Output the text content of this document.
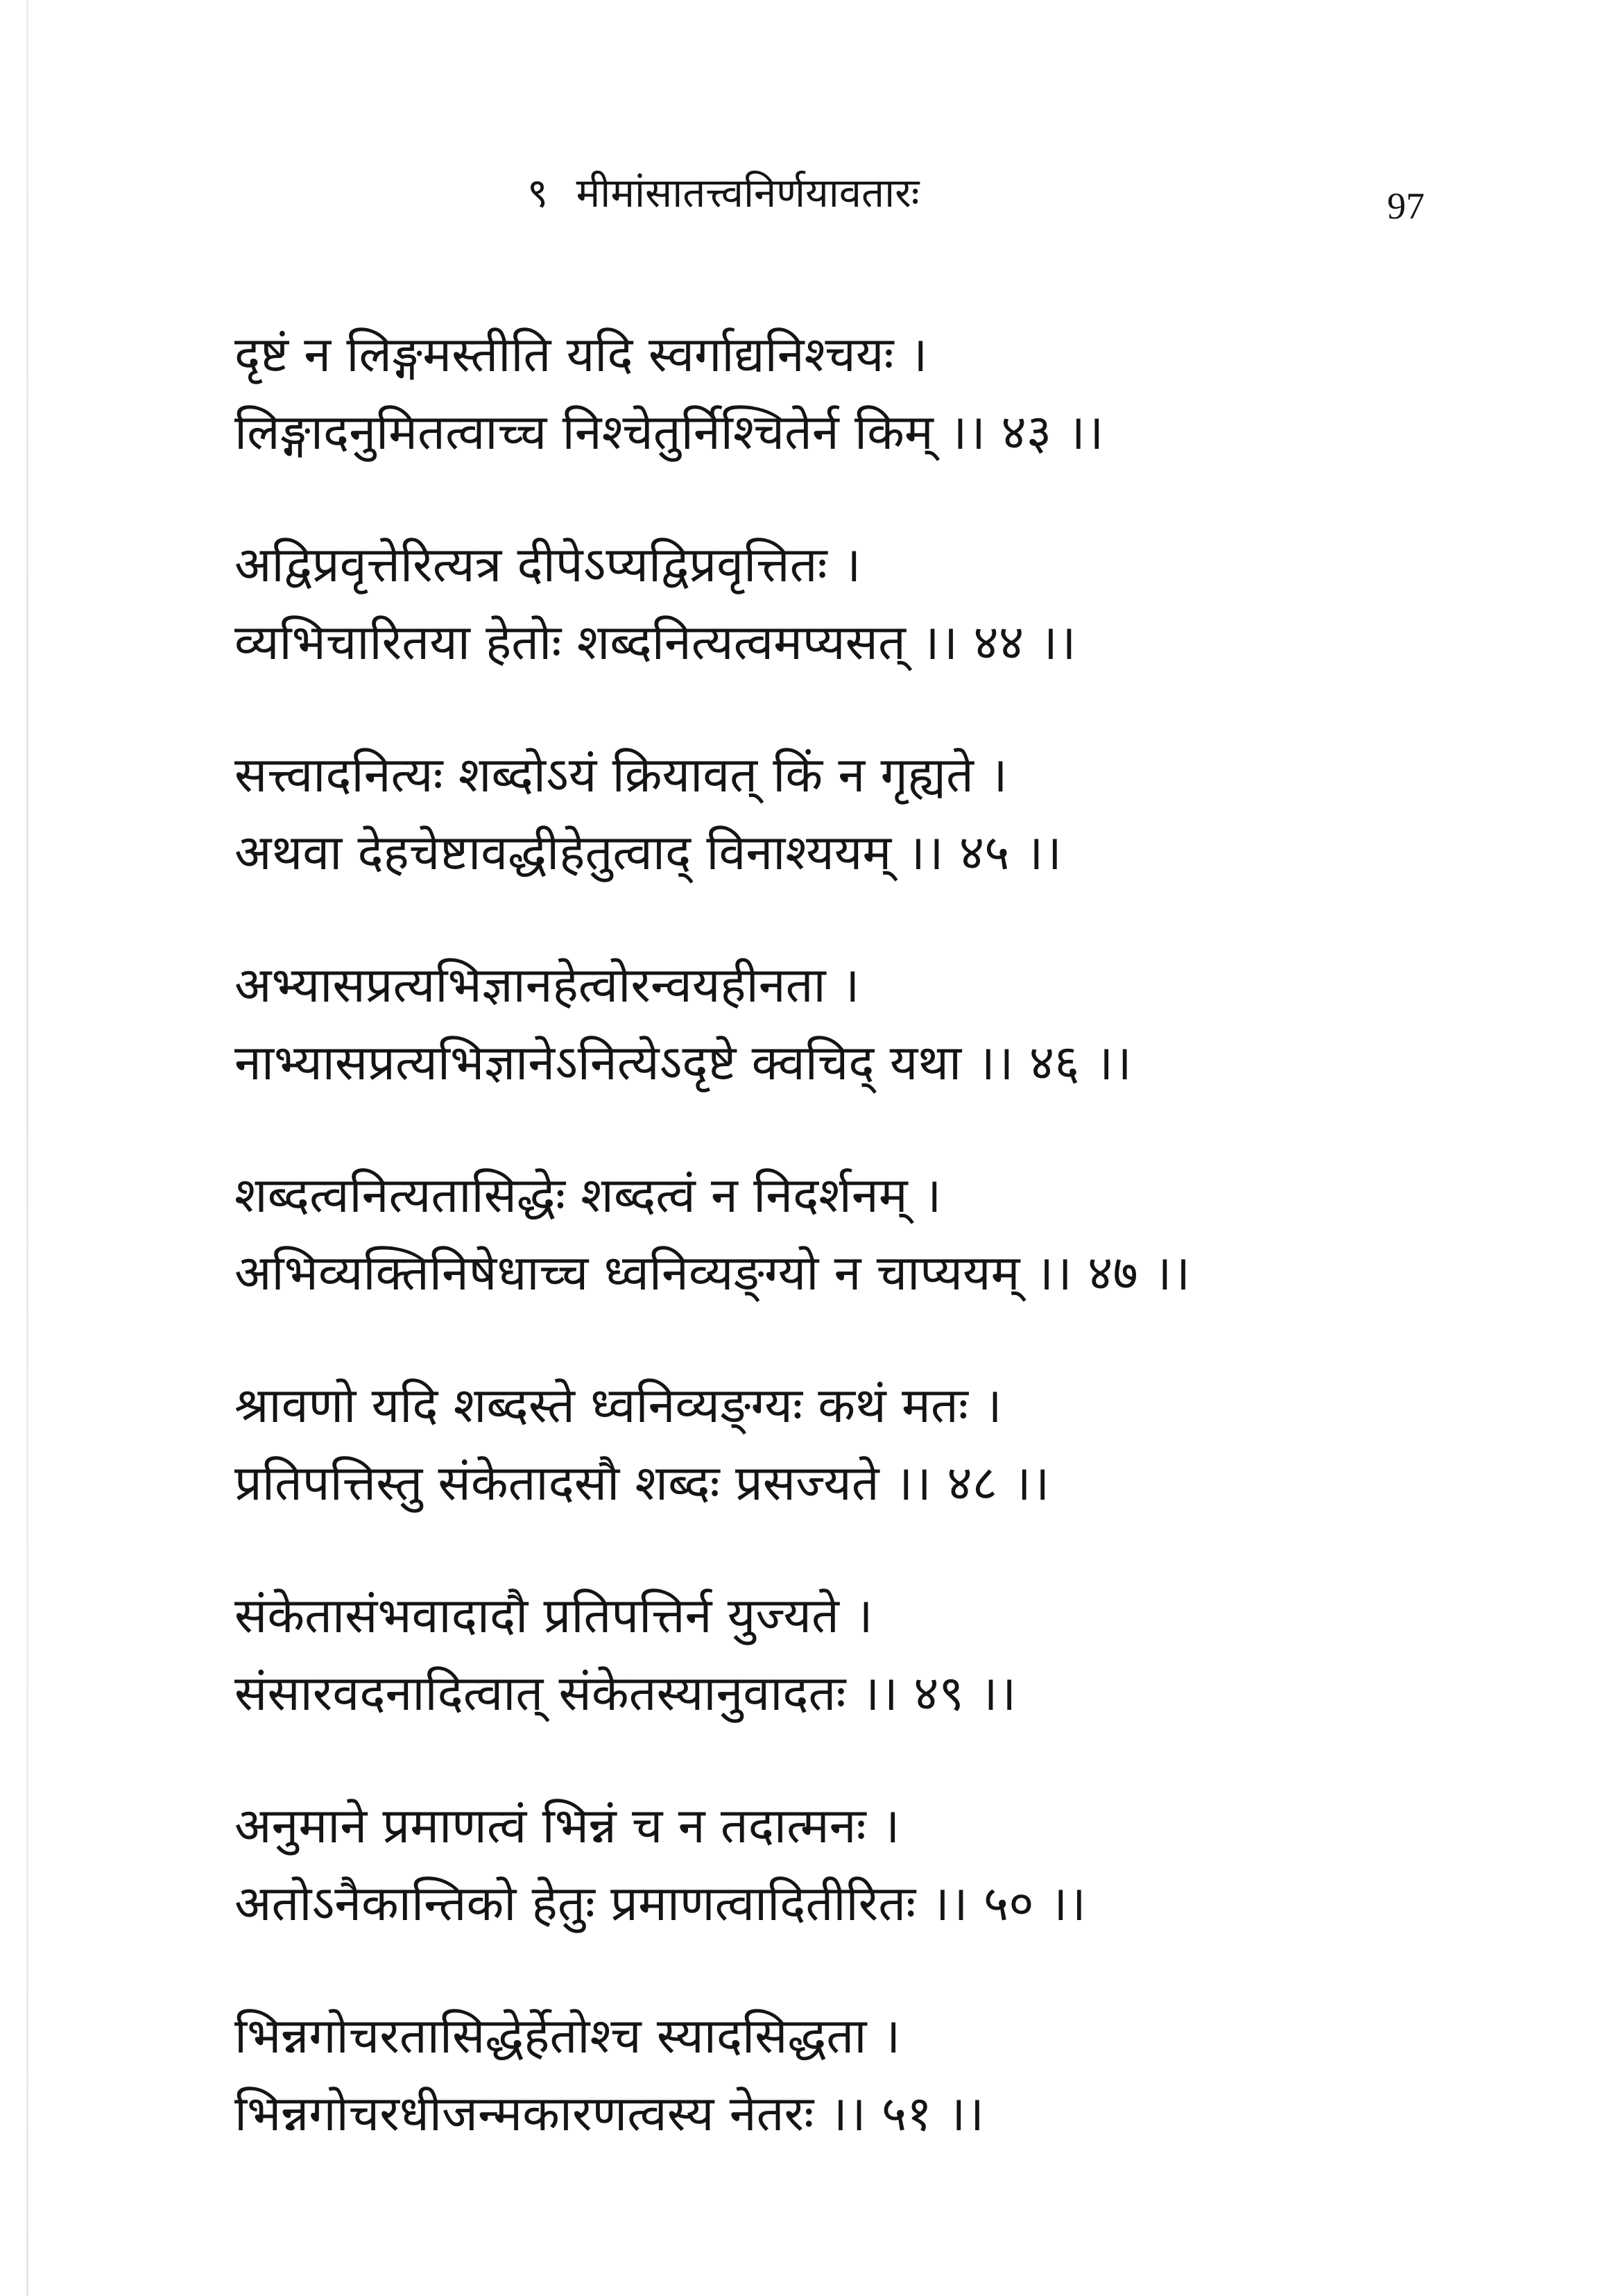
९ मीमांसातत्त्वनिर्णयावतारः	97
दृष्टं न लिङ्गमस्तीति यदि स्वर्गाद्यनिश्चयः ।
लिङ्गादनुमितत्वाच्च निश्चेतुर्निश्चितेर्न किम् ।। ४३ ।।
अद्विप्रवृत्तेरित्यत्र दीपेऽप्यद्विप्रवृत्तितः ।
व्यभिचारितया हेतोः शब्दनित्यत्वमप्यसत् ।। ४४ ।।
सत्त्वादनित्यः शब्दोऽयं क्रियावत् किं न गृह्यते ।
अथवा देहचेष्टावद्धीहेतुत्वाद् विनाश्ययम् ।। ४५ ।।
अभ्यासप्रत्यभिज्ञानहेत्वोरन्वयहीनता ।
नाभ्यासप्रत्यभिज्ञानेऽनित्येऽदृष्टे क्वचिद् यथा ।। ४६ ।।
शब्दत्वनित्यतासिद्धेः शब्दत्वं न निदर्शनम् ।
अभिव्यक्तिनिषेधाच्च ध्वनिव्यङ्ग्यो न चाप्ययम् ।। ४७ ।।
श्रावणो यदि शब्दस्ते ध्वनिव्यङ्ग्यः कथं मतः ।
प्रतिपत्तिस्तु संकेतादसौ शब्दः प्रसज्यते ।। ४८ ।।
संकेतासंभवादादौ प्रतिपत्तिर्न युज्यते ।
संसारवदनादित्वात् संकेतस्यानुवादतः ।। ४९ ।।
अनुमाने प्रमाणत्वं भिन्नं च न तदात्मनः ।
अतोऽनैकान्तिको हेतुः प्रमाणत्वादितीरितः ।। ५० ।।
भिन्नगोचरतासिद्धेर्हेतोश्च स्यादसिद्धता ।
भिन्नगोचरधीजन्मकारणत्वस्य नेतरः ।। ५१ ।।
